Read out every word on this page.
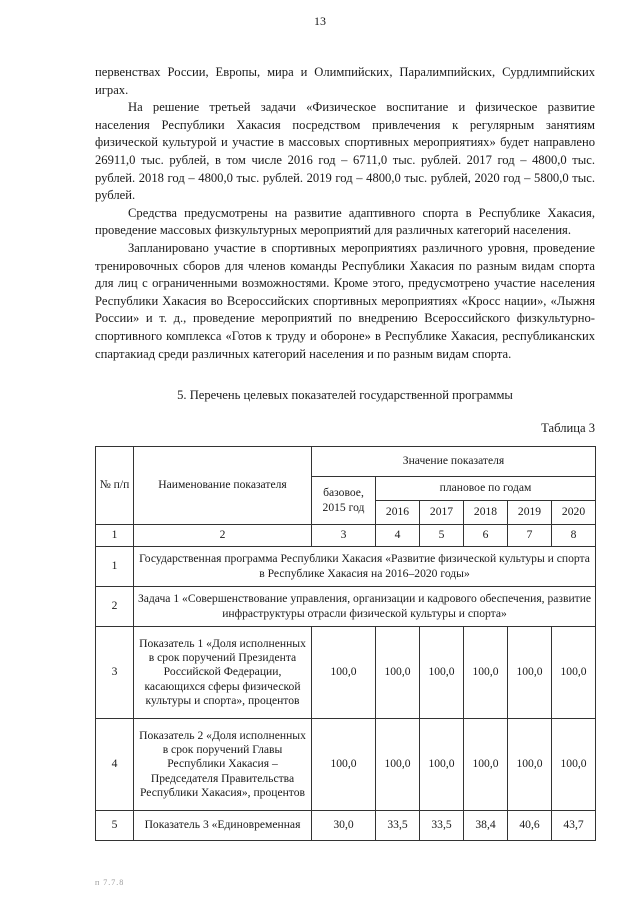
13

первенствах России, Европы, мира и Олимпийских, Паралимпийских, Сурдлимпийских играх.

На решение третьей задачи «Физическое воспитание и физическое развитие населения Республики Хакасия посредством привлечения к регулярным занятиям физической культурой и участие в массовых спортивных мероприятиях» будет направлено 26911,0 тыс. рублей, в том числе 2016 год – 6711,0 тыс. рублей. 2017 год – 4800,0 тыс. рублей. 2018 год – 4800,0 тыс. рублей. 2019 год – 4800,0 тыс. рублей, 2020 год – 5800,0 тыс. рублей.

Средства предусмотрены на развитие адаптивного спорта в Республике Хакасия, проведение массовых физкультурных мероприятий для различных категорий населения.

Запланировано участие в спортивных мероприятиях различного уровня, проведение тренировочных сборов для членов команды Республики Хакасия по разным видам спорта для лиц с ограниченными возможностями. Кроме этого, предусмотрено участие населения Республики Хакасия во Всероссийских спортивных мероприятиях «Кросс нации», «Лыжня России» и т. д., проведение мероприятий по внедрению Всероссийского физкультурно-спортивного комплекса «Готов к труду и обороне» в Республике Хакасия, республиканских спартакиад среди различных категорий населения и по разным видам спорта.

5. Перечень целевых показателей государственной программы
Таблица 3
№ п/п	Наименование показателя	Значение показателя					
		базовое, 2015 год	плановое по годам				
			2016	2017	2018	2019	2020
1	2	3	4	5	6	7	8
1	Государственная программа Республики Хакасия «Развитие физической культуры и спорта в Республике Хакасия на 2016–2020 годы»						
2	Задача 1 «Совершенствование управления, организации и кадрового обеспечения, развитие инфраструктуры отрасли физической культуры и спорта»						
3	Показатель 1 «Доля исполненных в срок поручений Президента Российской Федерации, касающихся сферы физической культуры и спорта», процентов	100,0	100,0	100,0	100,0	100,0	100,0
4	Показатель 2 «Доля исполненных в срок поручений Главы Республики Хакасия – Председателя Правительства Республики Хакасия», процентов	100,0	100,0	100,0	100,0	100,0	100,0
5	Показатель 3 «Единовременная	30,0	33,5	33,5	38,4	40,6	43,7
п 7.7.8
